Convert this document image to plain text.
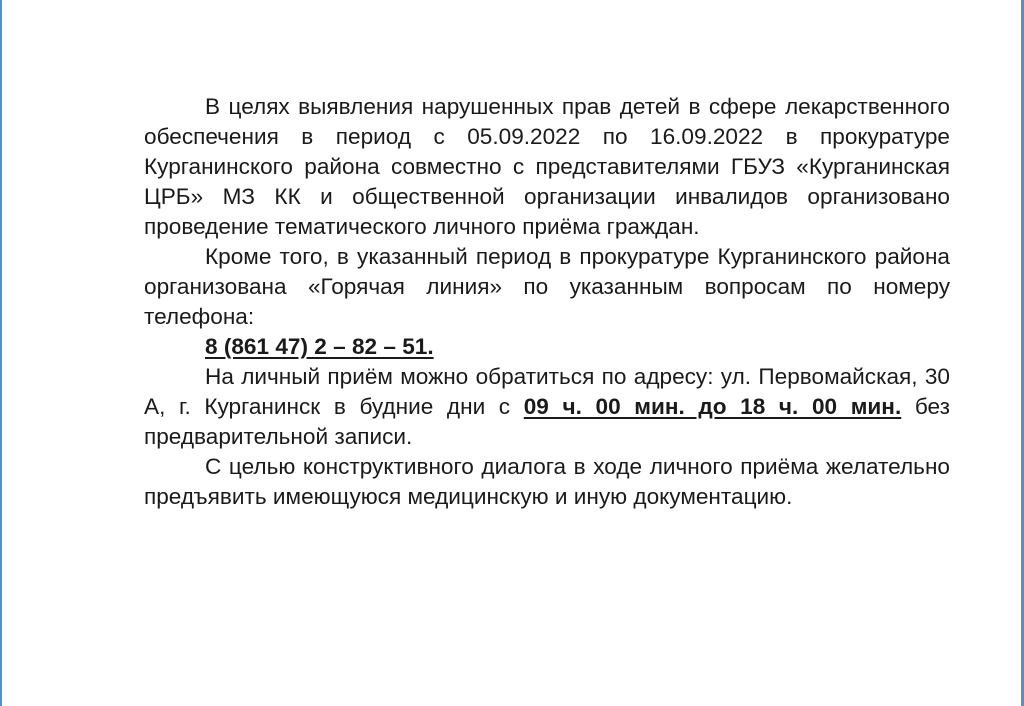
В целях выявления нарушенных прав детей в сфере лекарственного обеспечения в период с 05.09.2022 по 16.09.2022 в прокуратуре Курганинского района совместно с представителями ГБУЗ «Курганинская ЦРБ» МЗ КК и общественной организации инвалидов организовано проведение тематического личного приёма граждан.

Кроме того, в указанный период в прокуратуре Курганинского района организована «Горячая линия» по указанным вопросам по номеру телефона:

8 (861 47) 2 – 82 – 51.

На личный приём можно обратиться по адресу: ул. Первомайская, 30 А, г. Курганинск в будние дни с 09 ч. 00 мин. до 18 ч. 00 мин. без предварительной записи.

С целью конструктивного диалога в ходе личного приёма желательно предъявить имеющуюся медицинскую и иную документацию.
